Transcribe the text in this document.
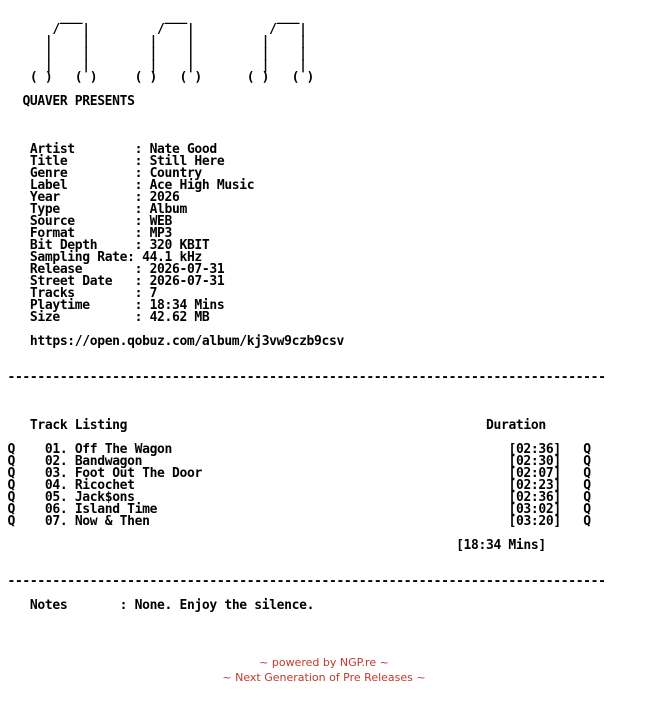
___           ___            ___
/   |         /   |          /   |
|    |        |    |         |    |
|    |        |    |         |    |
|    |        |    |         |    |
( )   ( )     ( )   ( )      ( )   ( )
QUAVER PRESENTS
Artist        : Nate Good
Title         : Still Here
Genre         : Country
Label         : Ace High Music
Year          : 2026
Type          : Album
Source        : WEB
Format        : MP3
Bit Depth     : 320 KBIT
Sampling Rate: 44.1 kHz
Release       : 2026-07-31
Street Date   : 2026-07-31
Tracks        : 7
Playtime      : 18:34 Mins
Size          : 42.62 MB
https://open.qobuz.com/album/kj3vw9czb9csv
--------------------------------------------------------------------------------
Track Listing	Duration
Q 01. Off The Wagon	[02:36] Q
Q 02. Bandwagon	[02:30] Q
Q 03. Foot Out The Door	[02:07] Q
Q 04. Ricochet	[02:23] Q
Q 05. Jack$ons	[02:36] Q
Q 06. Island Time	[03:02] Q
Q 07. Now & Then	[03:20] Q
[18:34 Mins]
--------------------------------------------------------------------------------
Notes       : None. Enjoy the silence.
~ powered by NGP.re ~
~ Next Generation of Pre Releases ~
